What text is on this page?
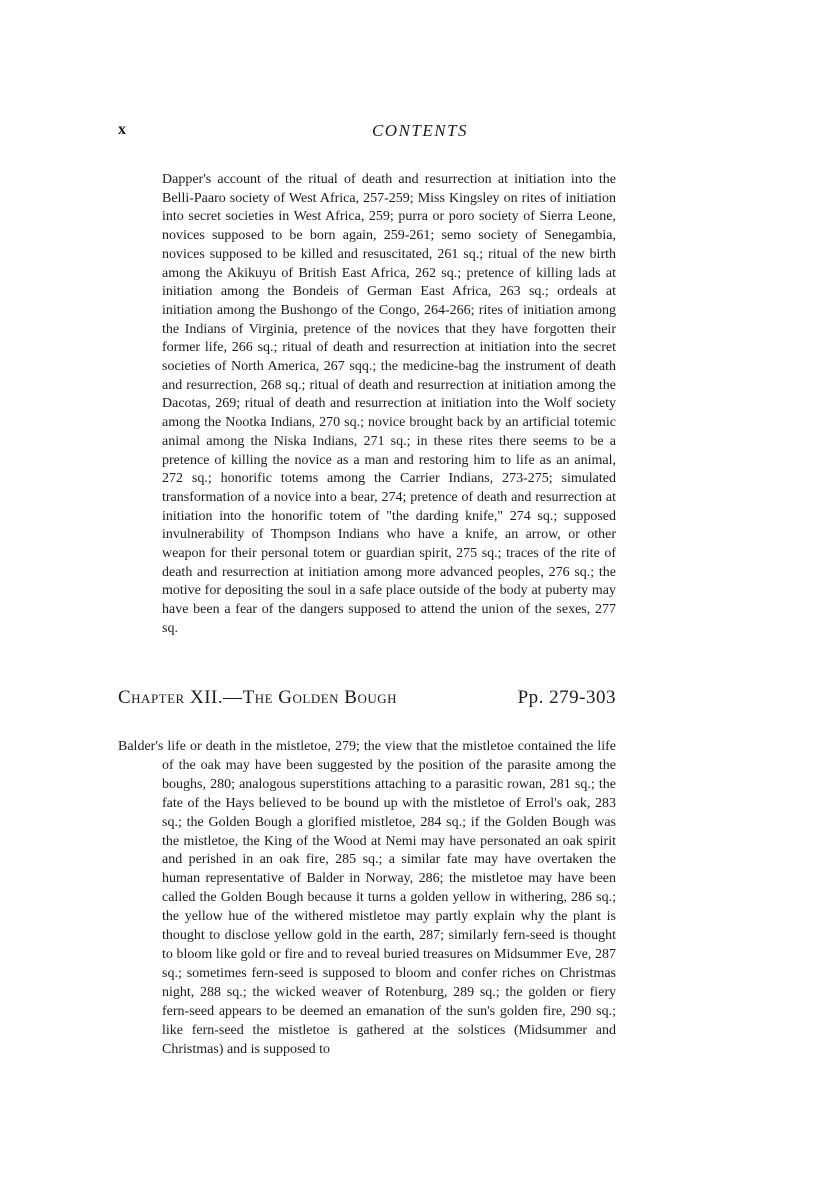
x	CONTENTS

Dapper's account of the ritual of death and resurrection at initiation into the Belli-Paaro society of West Africa, 257-259; Miss Kingsley on rites of initiation into secret societies in West Africa, 259; purra or poro society of Sierra Leone, novices supposed to be born again, 259-261; semo society of Senegambia, novices supposed to be killed and resuscitated, 261 sq.; ritual of the new birth among the Akikuyu of British East Africa, 262 sq.; pretence of killing lads at initiation among the Bondeis of German East Africa, 263 sq.; ordeals at initiation among the Bushongo of the Congo, 264-266; rites of initiation among the Indians of Virginia, pretence of the novices that they have forgotten their former life, 266 sq.; ritual of death and resurrection at initiation into the secret societies of North America, 267 sqq.; the medicine-bag the instrument of death and resurrection, 268 sq.; ritual of death and resurrection at initiation among the Dacotas, 269; ritual of death and resurrection at initiation into the Wolf society among the Nootka Indians, 270 sq.; novice brought back by an artificial totemic animal among the Niska Indians, 271 sq.; in these rites there seems to be a pretence of killing the novice as a man and restoring him to life as an animal, 272 sq.; honorific totems among the Carrier Indians, 273-275; simulated transformation of a novice into a bear, 274; pretence of death and resurrection at initiation into the honorific totem of "the darding knife," 274 sq.; supposed invulnerability of Thompson Indians who have a knife, an arrow, or other weapon for their personal totem or guardian spirit, 275 sq.; traces of the rite of death and resurrection at initiation among more advanced peoples, 276 sq.; the motive for depositing the soul in a safe place outside of the body at puberty may have been a fear of the dangers supposed to attend the union of the sexes, 277 sq.

Chapter XII.—The Golden Bough	Pp. 279-303

Balder's life or death in the mistletoe, 279; the view that the mistletoe contained the life of the oak may have been suggested by the position of the parasite among the boughs, 280; analogous superstitions attaching to a parasitic rowan, 281 sq.; the fate of the Hays believed to be bound up with the mistletoe of Errol's oak, 283 sq.; the Golden Bough a glorified mistletoe, 284 sq.; if the Golden Bough was the mistletoe, the King of the Wood at Nemi may have personated an oak spirit and perished in an oak fire, 285 sq.; a similar fate may have overtaken the human representative of Balder in Norway, 286; the mistletoe may have been called the Golden Bough because it turns a golden yellow in withering, 286 sq.; the yellow hue of the withered mistletoe may partly explain why the plant is thought to disclose yellow gold in the earth, 287; similarly fern-seed is thought to bloom like gold or fire and to reveal buried treasures on Midsummer Eve, 287 sq.; sometimes fern-seed is supposed to bloom and confer riches on Christmas night, 288 sq.; the wicked weaver of Rotenburg, 289 sq.; the golden or fiery fern-seed appears to be deemed an emanation of the sun's golden fire, 290 sq.; like fern-seed the mistletoe is gathered at the solstices (Midsummer and Christmas) and is supposed to
